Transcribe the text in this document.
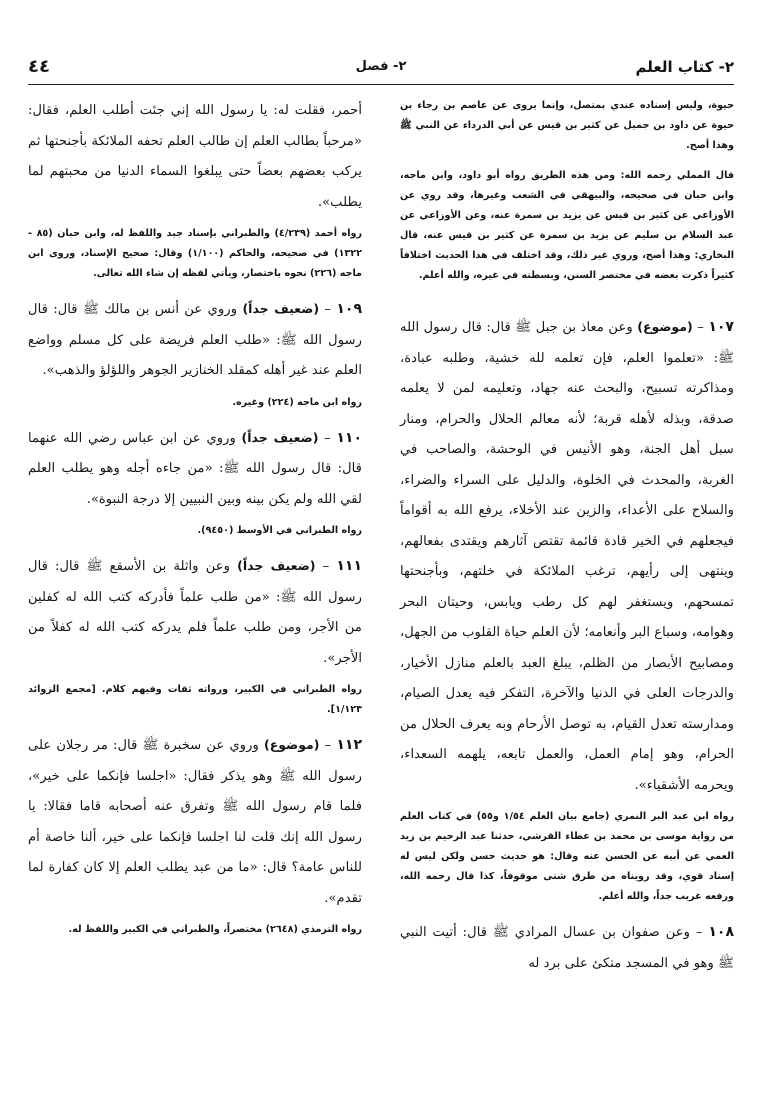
٢- كتاب العلم
٢- فصل
٤٤

حيوة، وليس إسناده عندي بمتصل، وإنما يروى عن عاصم بن رجاء بن حيوة عن داود بن جميل عن كثير بن قيس عن أبي الدرداء عن النبي ﷺ وهذا أصح.

قال المملي رحمه الله: ومن هذه الطريق رواه أبو داود، وابن ماجه، وابن حبان في صحيحه، والبيهقي في الشعب وغيرها، وقد روي عن الأوزاعي عن كثير بن قيس عن يزيد بن سمرة عنه، وعن الأوزاعي عن عبد السلام بن سليم عن يزيد بن سمرة عن كثير بن قيس عنه، قال البخاري: وهذا أصح، وروي غير ذلك، وقد اختلف في هذا الحديث اختلافاً كثيراً ذكرت بعضه في مختصر السنن، وبسطته في غيره، والله أعلم.

١٠٧ – (موضوع) وعن معاذ بن جبل ﷺ قال: قال رسول الله ﷺ: «تعلموا العلم، فإن تعلمه لله خشية، وطلبه عبادة، ومذاكرته تسبيح، والبحث عنه جهاد، وتعليمه لمن لا يعلمه صدقة، وبذله لأهله قربة؛ لأنه معالم الحلال والحرام، ومنار سبل أهل الجنة، وهو الأنيس في الوحشة، والصاحب في الغربة، والمحدث في الخلوة، والدليل على السراء والضراء، والسلاح على الأعداء، والزين عند الأخلاء، يرفع الله به أقواماً فيجعلهم في الخير قادة قائمة تقتص آثارهم ويقتدى بفعالهم، وينتهى إلى رأيهم، ترغب الملائكة في خلتهم، وبأجنحتها تمسحهم، ويستغفر لهم كل رطب ويابس، وحيتان البحر وهوامه، وسباع البر وأنعامه؛ لأن العلم حياة القلوب من الجهل، ومصابيح الأبصار من الظلم، يبلغ العبد بالعلم منازل الأخيار، والدرجات العلى في الدنيا والآخرة، التفكر فيه يعدل الصيام، ومدارسته تعدل القيام، به توصل الأرحام وبه يعرف الحلال من الحرام، وهو إمام العمل، والعمل تابعه، يلهمه السعداء، ويحرمه الأشقياء».

رواه ابن عبد البر النمري (جامع بيان العلم ١/٥٤ و٥٥) في كتاب العلم من رواية موسى بن محمد بن عطاء القرشي، حدثنا عبد الرحيم بن زيد العمي عن أبيه عن الحسن عنه وقال: هو حديث حسن ولكن ليس له إسناد قوي، وقد رويناه من طرق شتى موقوفاً، كذا قال رحمه الله، ورفعه غريب جداً، والله أعلم.

١٠٨ – وعن صفوان بن عسال المرادي ﷺ قال: أتيت النبي ﷺ وهو في المسجد متكئ على برد له

أحمر، فقلت له: يا رسول الله إني جئت أطلب العلم، فقال: «مرحباً بطالب العلم إن طالب العلم تحفه الملائكة بأجنحتها ثم يركب بعضهم بعضاً حتى يبلغوا السماء الدنيا من محبتهم لما يطلب».

رواه أحمد (٤/٢٣٩) والطبراني بإسناد جيد واللفظ له، وابن حبان (٨٥ - ١٣٢٢) في صحيحه، والحاكم (١/١٠٠) وقال: صحيح الإسناد، وروى ابن ماجه (٢٢٦) نحوه باختصار، ويأتي لفظه إن شاء الله تعالى.

١٠٩ – (ضعيف جداً) وروي عن أنس بن مالك ﷺ قال: قال رسول الله ﷺ: «طلب العلم فريضة على كل مسلم وواضع العلم عند غير أهله كمقلد الخنازير الجوهر واللؤلؤ والذهب».

رواه ابن ماجه (٢٢٤) وغيره.

١١٠ – (ضعيف جداً) وروي عن ابن عباس رضي الله عنهما قال: قال رسول الله ﷺ: «من جاءه أجله وهو يطلب العلم لقي الله ولم يكن بينه وبين النبيين إلا درجة النبوة».

رواه الطبراني في الأوسط (٩٤٥٠).

١١١ – (ضعيف جداً) وعن واثلة بن الأسقع ﷺ قال: قال رسول الله ﷺ: «من طلب علماً فأدركه كتب الله له كفلين من الأجر، ومن طلب علماً فلم يدركه كتب الله له كفلاً من الأجر».

رواه الطبراني في الكبير، ورواته ثقات وفيهم كلام. [مجمع الزوائد ١/١٢٣].

١١٢ – (موضوع) وروي عن سخبرة ﷺ قال: مر رجلان على رسول الله ﷺ وهو يذكر فقال: «اجلسا فإنكما على خير»، فلما قام رسول الله ﷺ وتفرق عنه أصحابه قاما فقالا: يا رسول الله إنك قلت لنا اجلسا فإنكما على خير، ألنا خاصة أم للناس عامة؟ قال: «ما من عبد يطلب العلم إلا كان كفارة لما تقدم».

رواه الترمذي (٢٦٤٨) مختصراً، والطبراني في الكبير واللفظ له.
